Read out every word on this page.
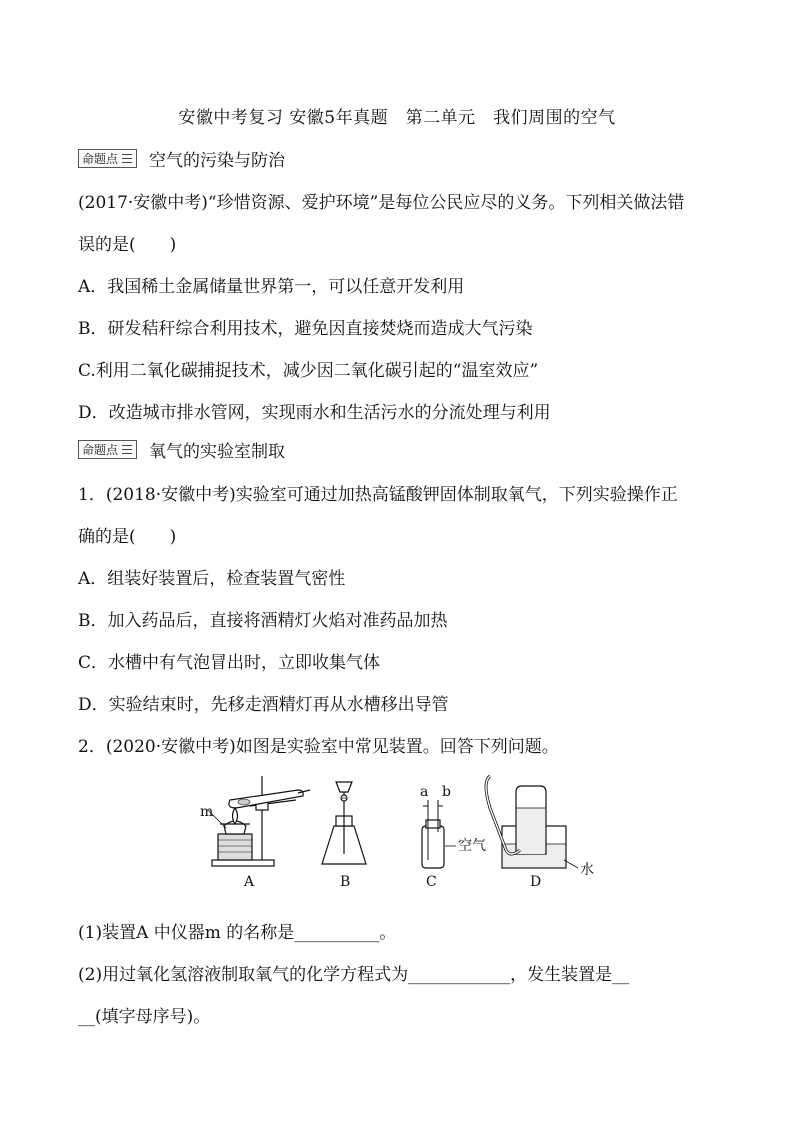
安徽中考复习 安徽5年真题　第二单元　我们周围的空气
命题点 空气的污染与防治
(2017·安徽中考)“珍惜资源、爱护环境”是每位公民应尽的义务。下列相关做法错
误的是(　　)
A．我国稀土金属储量世界第一，可以任意开发利用
B．研发秸秆综合利用技术，避免因直接焚烧而造成大气污染
C.利用二氧化碳捕捉技术，减少因二氧化碳引起的“温室效应”
D．改造城市排水管网，实现雨水和生活污水的分流处理与利用
命题点 氧气的实验室制取
1．(2018·安徽中考)实验室可通过加热高锰酸钾固体制取氧气，下列实验操作正
确的是(　　)
A．组装好装置后，检查装置气密性
B．加入药品后，直接将酒精灯火焰对准药品加热
C．水槽中有气泡冒出时，立即收集气体
D．实验结束时，先移走酒精灯再从水槽移出导管
2．(2020·安徽中考)如图是实验室中常见装置。回答下列问题。
m
A	B
a b
空气
C
水
D
(1)装置A 中仪器m 的名称是__________。
(2)用过氧化氢溶液制取氧气的化学方程式为____________，发生装置是__
__(填字母序号)。
